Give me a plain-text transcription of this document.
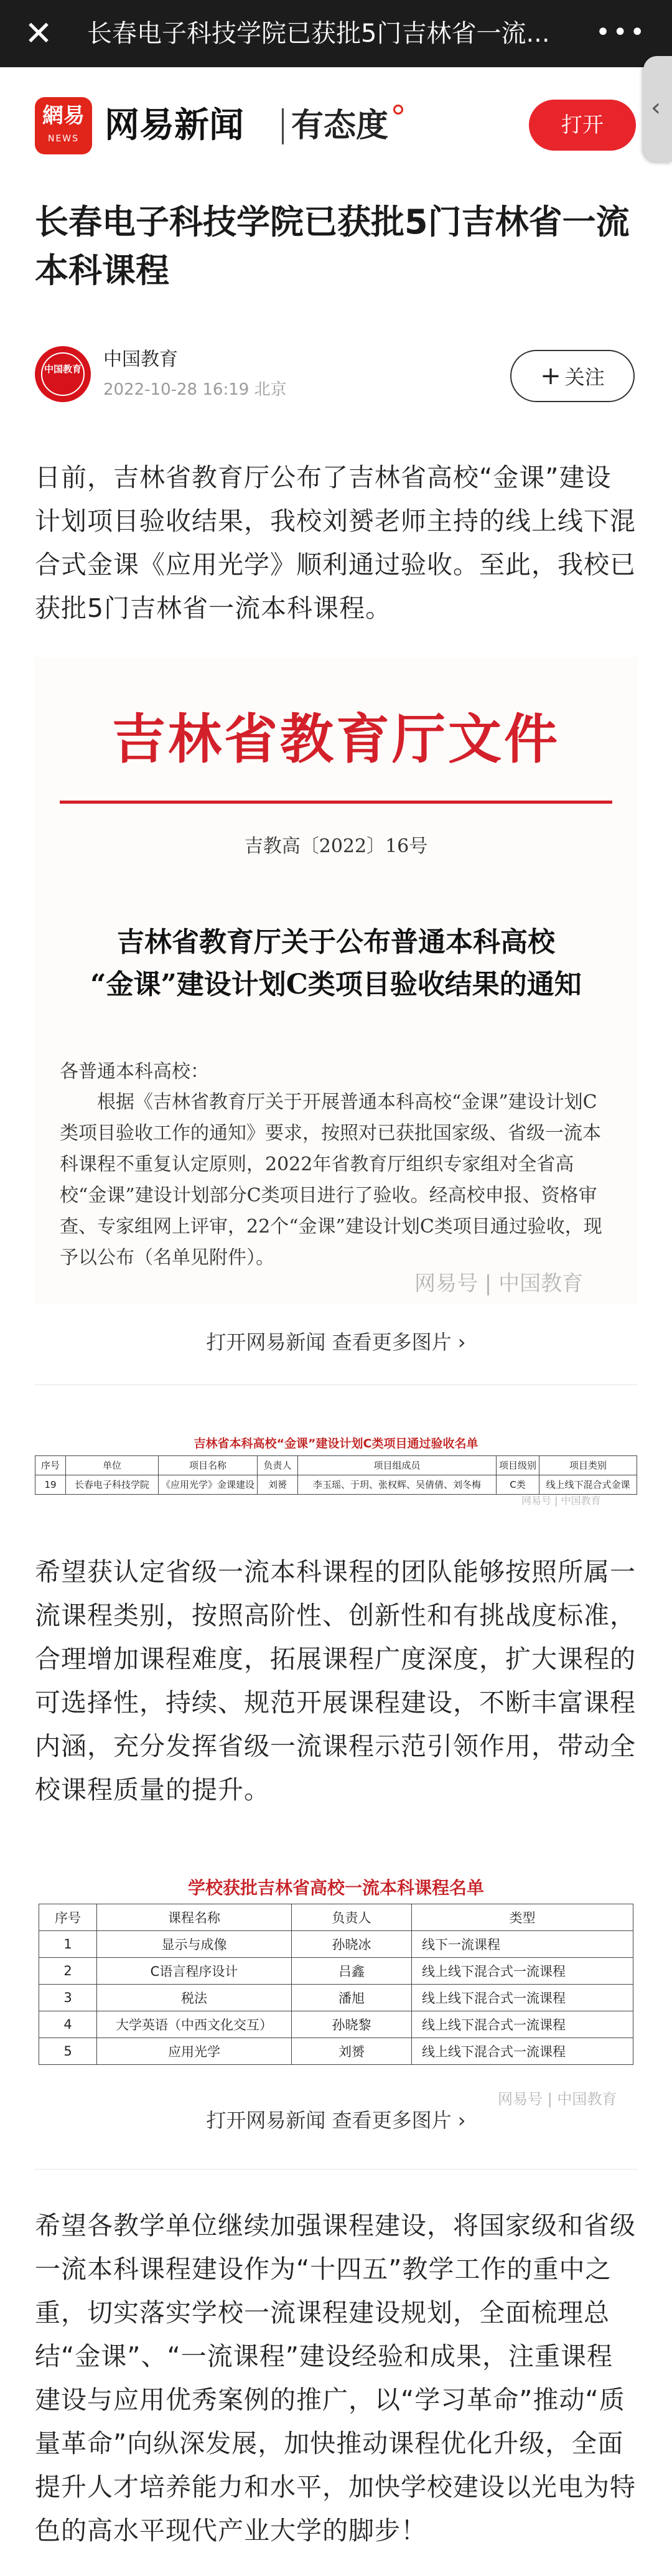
✕ 长春电子科技学院已获批5门吉林省一流...	•••
‹
網易
NEWS 网易新闻 有态度	打开
长春电子科技学院已获批5门吉林省一流本科课程
中国教育	中国教育
2022-10-28 16:19 北京	+ 关注
日前，吉林省教育厅公布了吉林省高校“金课”建设计划项目验收结果，我校刘赟老师主持的线上线下混合式金课《应用光学》顺利通过验收。至此，我校已获批5门吉林省一流本科课程。
吉林省教育厅文件
吉教高〔2022〕16号
吉林省教育厅关于公布普通本科高校
“金课”建设计划C类项目验收结果的通知
各普通本科高校：
根据《吉林省教育厅关于开展普通本科高校“金课”建设计划C类项目验收工作的通知》要求，按照对已获批国家级、省级一流本科课程不重复认定原则，2022年省教育厅组织专家组对全省高校“金课”建设计划部分C类项目进行了验收。经高校申报、资格审查、专家组网上评审，22个“金课”建设计划C类项目通过验收，现予以公布（名单见附件）。
网易号 | 中国教育
打开网易新闻 查看更多图片 ›
吉林省本科高校“金课”建设计划C类项目通过验收名单
序号	单位	项目名称	负责人	项目组成员	项目级别	项目类别
19	长春电子科技学院	《应用光学》金课建设	刘赟	李玉瑶、于玥、张权辉、吴倩倩、刘冬梅	C类	线上线下混合式金课
网易号 | 中国教育
希望获认定省级一流本科课程的团队能够按照所属一流课程类别，按照高阶性、创新性和有挑战度标准，合理增加课程难度，拓展课程广度深度，扩大课程的可选择性，持续、规范开展课程建设，不断丰富课程内涵，充分发挥省级一流课程示范引领作用，带动全校课程质量的提升。
学校获批吉林省高校一流本科课程名单
序号	课程名称	负责人	类型
1	显示与成像	孙晓冰	线下一流课程
2	C语言程序设计	吕鑫	线上线下混合式一流课程
3	税法	潘旭	线上线下混合式一流课程
4	大学英语（中西文化交互）	孙晓黎	线上线下混合式一流课程
5	应用光学	刘赟	线上线下混合式一流课程
网易号 | 中国教育
打开网易新闻 查看更多图片 ›
希望各教学单位继续加强课程建设，将国家级和省级一流本科课程建设作为“十四五”教学工作的重中之重，切实落实学校一流课程建设规划，全面梳理总结“金课”、“一流课程”建设经验和成果，注重课程建设与应用优秀案例的推广，以“学习革命”推动“质量革命”向纵深发展，加快推动课程优化升级，全面提升人才培养能力和水平，加快学校建设以光电为特色的高水平现代产业大学的脚步！
